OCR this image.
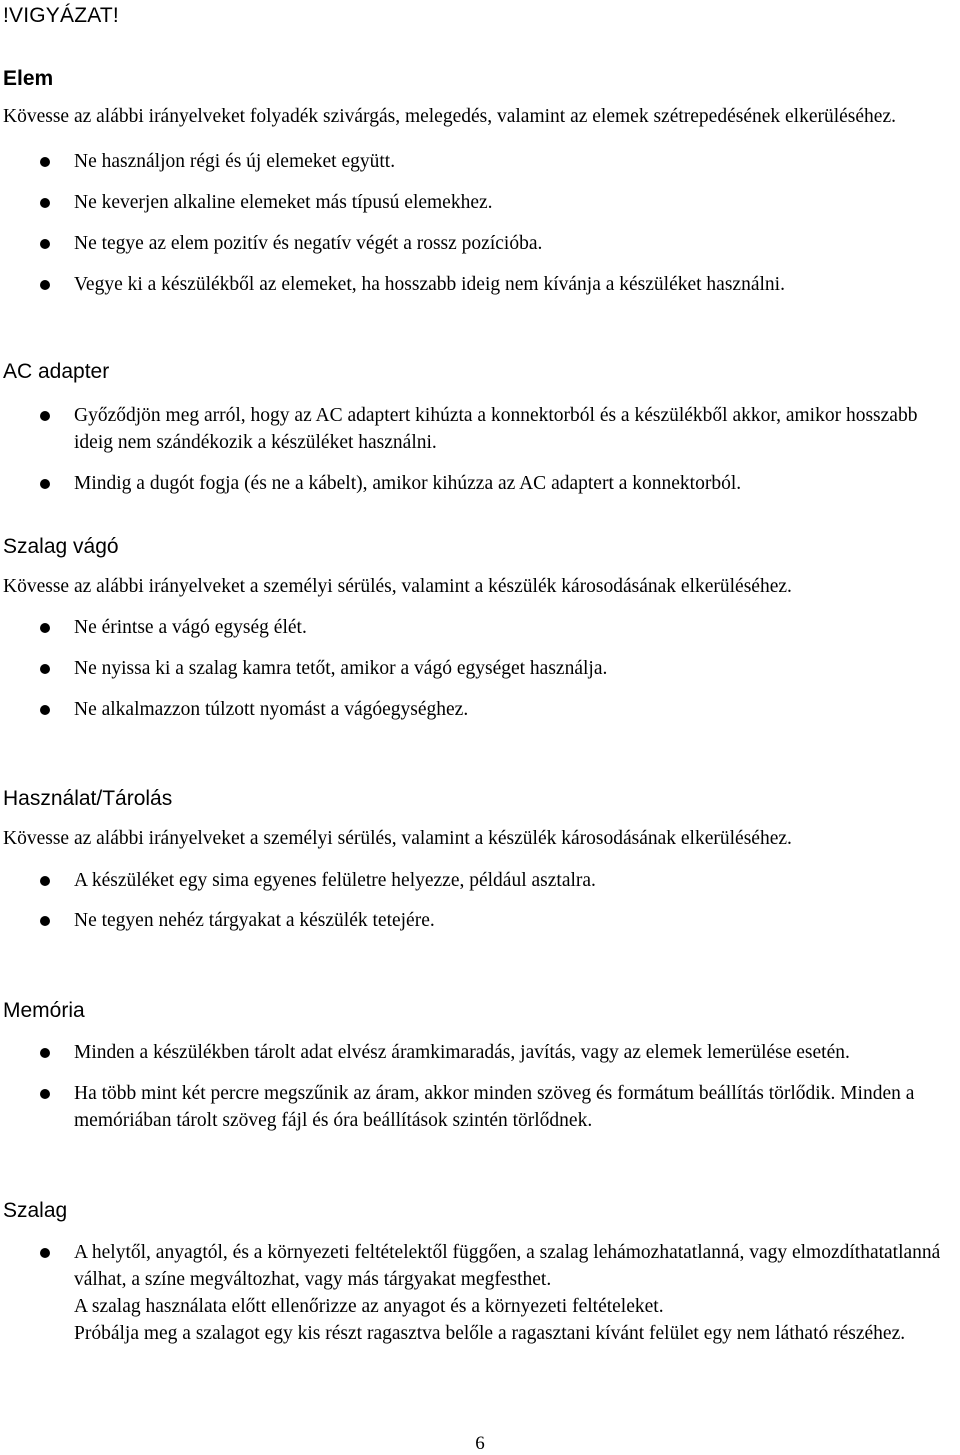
!VIGYÁZAT!
Elem

Kövesse az alábbi irányelveket folyadék szivárgás, melegedés, valamint az elemek szétrepedésének elkerüléséhez.

Ne használjon régi és új elemeket együtt.
Ne keverjen alkaline elemeket más típusú elemekhez.
Ne tegye az elem pozitív és negatív végét a rossz pozícióba.
Vegye ki a készülékből az elemeket, ha hosszabb ideig nem kívánja a készüléket használni.
AC adapter
Győződjön meg arról, hogy az AC adaptert kihúzta a konnektorból és a készülékből akkor, amikor hosszabb ideig nem szándékozik a készüléket használni.
Mindig a dugót fogja (és ne a kábelt), amikor kihúzza az AC adaptert a konnektorból.
Szalag vágó

Kövesse az alábbi irányelveket a személyi sérülés, valamint a készülék károsodásának elkerüléséhez.

Ne érintse a vágó egység élét.
Ne nyissa ki a szalag kamra tetőt, amikor a vágó egységet használja.
Ne alkalmazzon túlzott nyomást a vágóegységhez.
Használat/Tárolás

Kövesse az alábbi irányelveket a személyi sérülés, valamint a készülék károsodásának elkerüléséhez.

A készüléket egy sima egyenes felületre helyezze, például asztalra.
Ne tegyen nehéz tárgyakat a készülék tetejére.
Memória
Minden a készülékben tárolt adat elvész áramkimaradás, javítás, vagy az elemek lemerülése esetén.
Ha több mint két percre megszűnik az áram, akkor minden szöveg és formátum beállítás törlődik. Minden a memóriában tárolt szöveg fájl és óra beállítások szintén törlődnek.
Szalag
A helytől, anyagtól, és a környezeti feltételektől függően, a szalag lehámozhatatlanná, vagy elmozdíthatatlanná válhat, a színe megváltozhat, vagy más tárgyakat megfesthet.
A szalag használata előtt ellenőrizze az anyagot és a környezeti feltételeket.
Próbálja meg a szalagot egy kis részt ragasztva belőle a ragasztani kívánt felület egy nem látható részéhez.
6
